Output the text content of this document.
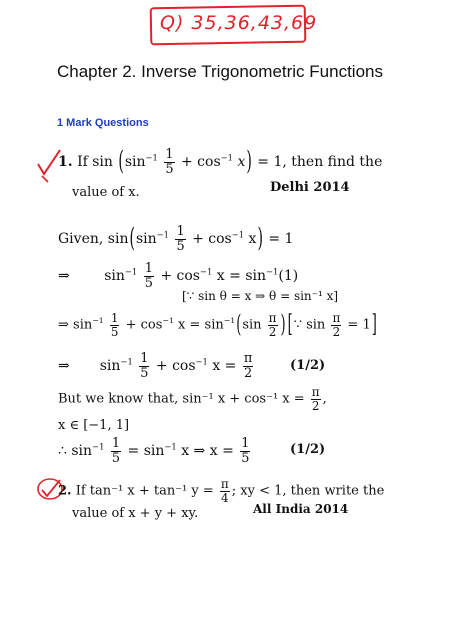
Q) 35,36,43,69
Chapter 2. Inverse Trigonometric Functions
1 Mark Questions
1. If $\sin (\sin^{-1} \frac{1}{5} + \cos^{-1} x) = 1$, then find the
value of x.	Delhi 2014
Given, $\sin(\sin^{-1} \frac{1}{5} + \cos^{-1} x) = 1$
⇒ $\sin^{-1} \frac{1}{5} + \cos^{-1} x = \sin^{-1}(1)$
[∵ sin θ = x ⇒ θ = sin⁻¹ x]
⇒ $\sin^{-1} \frac{1}{5} + \cos^{-1} x = \sin^{-1}(\sin \frac{\pi}{2}$ ) [∵ $\sin \frac{\pi}{2} = 1$]
⇒ $\sin^{-1} \frac{1}{5} + \cos^{-1} x = \frac{\pi}{2}$	(1/2)
But we know that, sin⁻¹ x + cos⁻¹ $x = \frac{\pi}{2}$ ,
x ∈ [−1, 1]
∴ $\sin^{-1} \frac{1}{5} = \sin^{-1} x$ ⇒ $x = \frac{1}{5}$	(1/2)
2. If tan⁻¹ x + tan⁻¹ $y = \frac{\pi}{4}$ ; xy < 1, then write the
value of x + y + xy.	All India 2014
